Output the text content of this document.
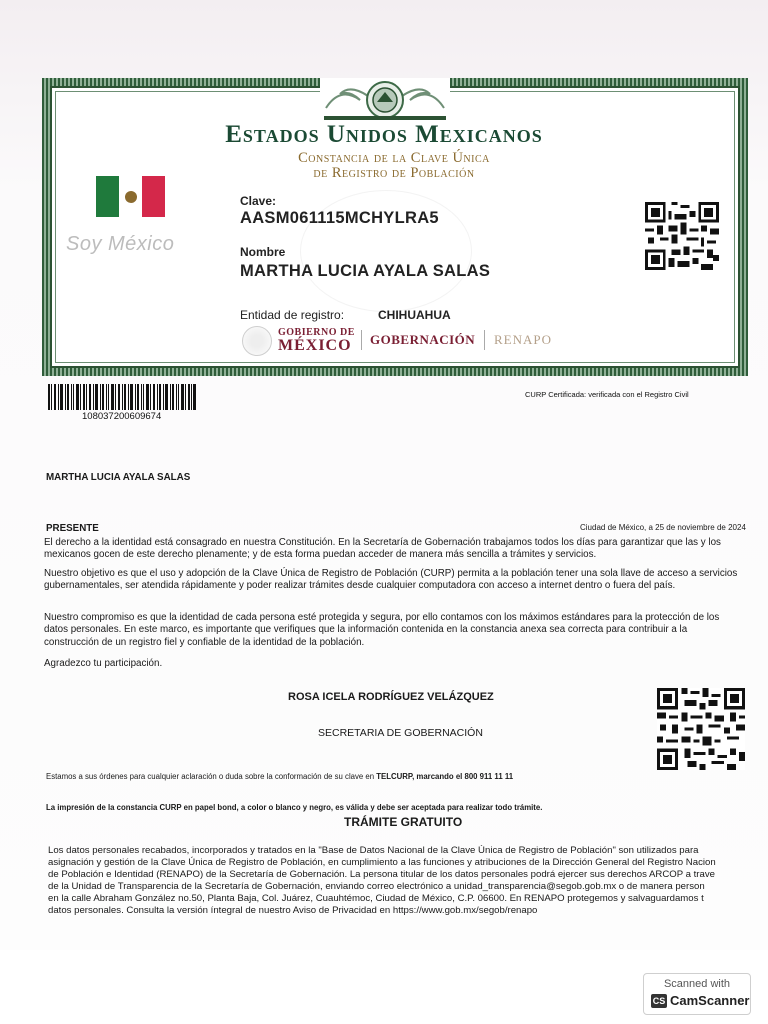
Estados Unidos Mexicanos
Constancia de la Clave Única
de Registro de Población
Soy México
Clave:
AASM061115MCHYLRA5
Nombre
MARTHA LUCIA AYALA SALAS
Entidad de registro:	CHIHUAHUA
GOBIERNO DE
MÉXICO GOBERNACIÓN RENAPO
108037200609674
CURP Certificada: verificada con el Registro Civil
MARTHA LUCIA AYALA SALAS
PRESENTE	Ciudad de México, a 25 de noviembre de 2024
El derecho a la identidad está consagrado en nuestra Constitución. En la Secretaría de Gobernación trabajamos todos los días para garantizar que las y los
mexicanos gocen de este derecho plenamente; y de esta forma puedan acceder de manera más sencilla a trámites y servicios.
Nuestro objetivo es que el uso y adopción de la Clave Única de Registro de Población (CURP) permita a la población tener una sola llave de acceso a servicios
gubernamentales, ser atendida rápidamente y poder realizar trámites desde cualquier computadora con acceso a internet dentro o fuera del país.
Nuestro compromiso es que la identidad de cada persona esté protegida y segura, por ello contamos con los máximos estándares para la protección de los
datos personales. En este marco, es importante que verifiques que la información contenida en la constancia anexa sea correcta para contribuir a la
construcción de un registro fiel y confiable de la identidad de la población.
Agradezco tu participación.
ROSA ICELA RODRÍGUEZ VELÁZQUEZ
SECRETARIA DE GOBERNACIÓN
Estamos a sus órdenes para cualquier aclaración o duda sobre la conformación de su clave en TELCURP, marcando el 800 911 11 11
La impresión de la constancia CURP en papel bond, a color o blanco y negro, es válida y debe ser aceptada para realizar todo trámite.
TRÁMITE GRATUITO
Los datos personales recabados, incorporados y tratados en la "Base de Datos Nacional de la Clave Única de Registro de Población" son utilizados para
asignación y gestión de la Clave Única de Registro de Población, en cumplimiento a las funciones y atribuciones de la Dirección General del Registro Nacion
de Población e Identidad (RENAPO) de la Secretaría de Gobernación. La persona titular de los datos personales podrá ejercer sus derechos ARCOP a trave
de la Unidad de Transparencia de la Secretaría de Gobernación, enviando correo electrónico a unidad_transparencia@segob.gob.mx o de manera person
en la calle Abraham González no.50, Planta Baja, Col. Juárez, Cuauhtémoc, Ciudad de México, C.P. 06600. En RENAPO protegemos y salvaguardamos t
datos personales. Consulta la versión íntegral de nuestro Aviso de Privacidad en https://www.gob.mx/segob/renapo
Scanned with
CS CamScanner
